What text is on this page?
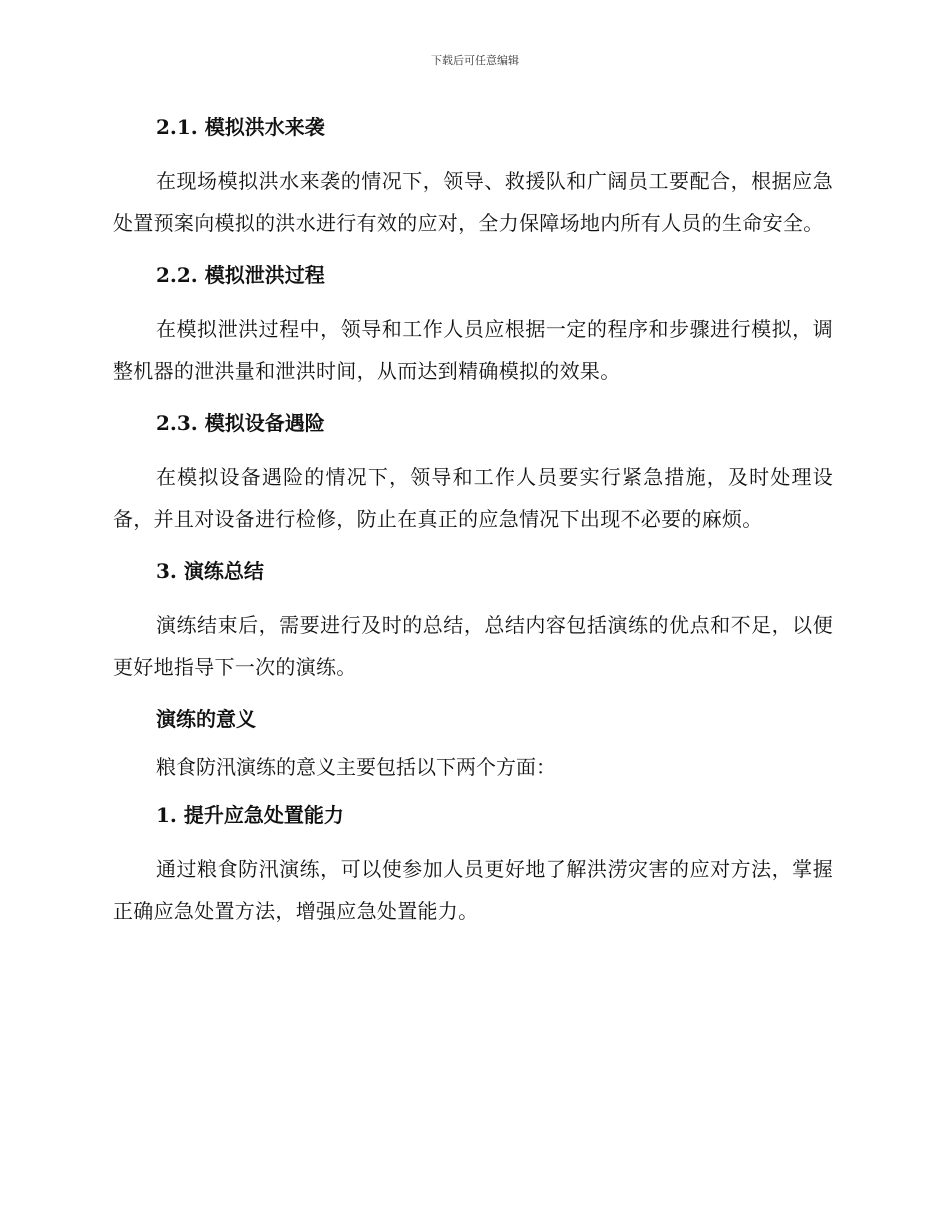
下载后可任意编辑
2.1. 模拟洪水来袭

在现场模拟洪水来袭的情况下，领导、救援队和广阔员工要配合，根据应急处置预案向模拟的洪水进行有效的应对，全力保障场地内所有人员的生命安全。

2.2. 模拟泄洪过程

在模拟泄洪过程中，领导和工作人员应根据一定的程序和步骤进行模拟，调整机器的泄洪量和泄洪时间，从而达到精确模拟的效果。

2.3. 模拟设备遇险

在模拟设备遇险的情况下，领导和工作人员要实行紧急措施，及时处理设备，并且对设备进行检修，防止在真正的应急情况下出现不必要的麻烦。

3. 演练总结

演练结束后，需要进行及时的总结，总结内容包括演练的优点和不足，以便更好地指导下一次的演练。

演练的意义
粮食防汛演练的意义主要包括以下两个方面：
1. 提升应急处置能力

通过粮食防汛演练，可以使参加人员更好地了解洪涝灾害的应对方法，掌握正确应急处置方法，增强应急处置能力。
